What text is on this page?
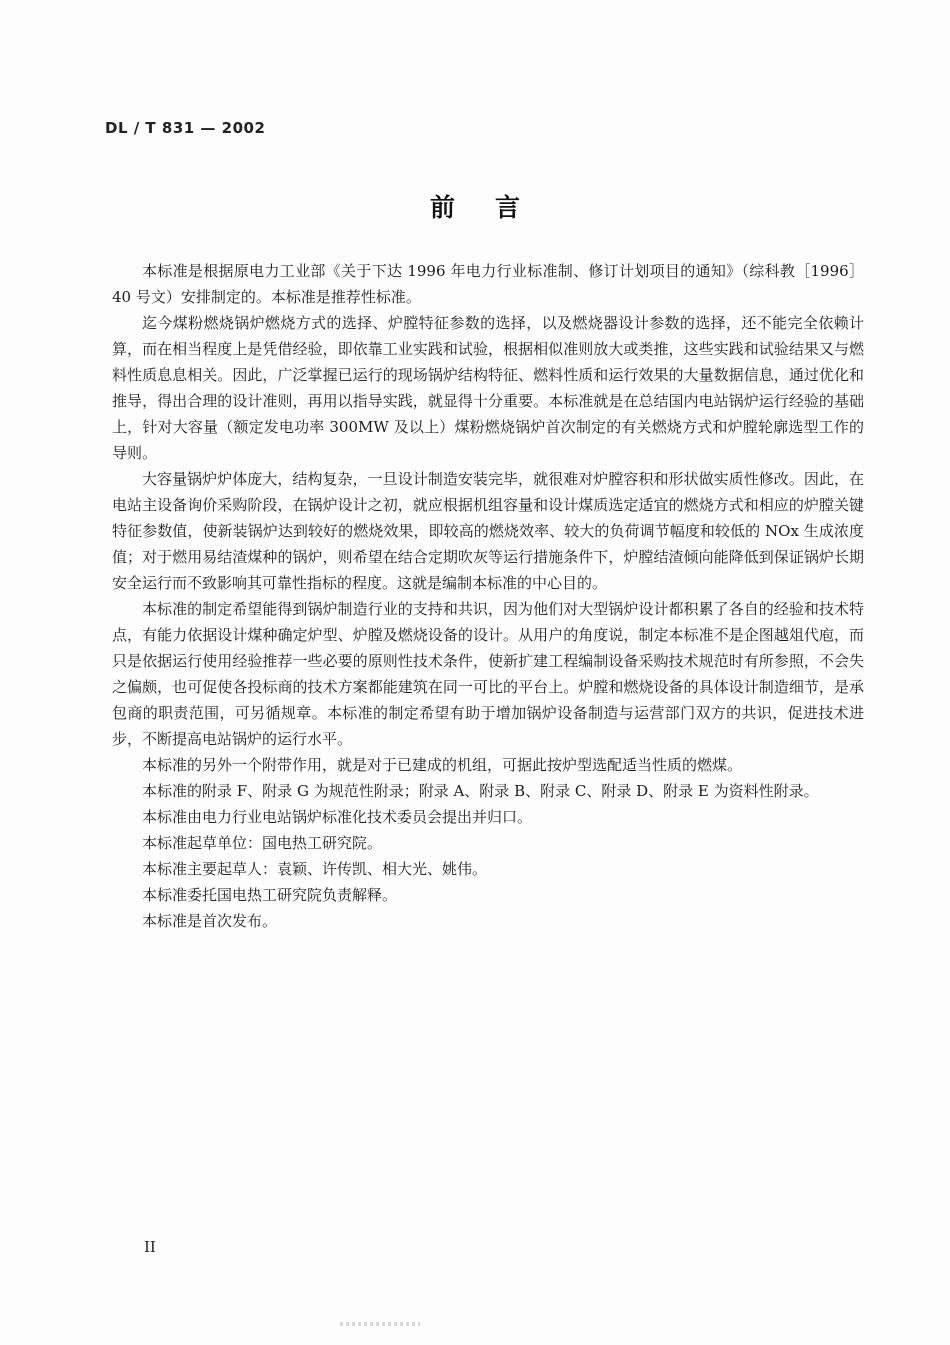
DL / T 831 — 2002
前言

本标准是根据原电力工业部《关于下达 1996 年电力行业标准制、修订计划项目的通知》（综科教［1996］40 号文）安排制定的。本标准是推荐性标准。

迄今煤粉燃烧锅炉燃烧方式的选择、炉膛特征参数的选择，以及燃烧器设计参数的选择，还不能完全依赖计算，而在相当程度上是凭借经验，即依靠工业实践和试验，根据相似准则放大或类推，这些实践和试验结果又与燃料性质息息相关。因此，广泛掌握已运行的现场锅炉结构特征、燃料性质和运行效果的大量数据信息，通过优化和推导，得出合理的设计准则，再用以指导实践，就显得十分重要。本标准就是在总结国内电站锅炉运行经验的基础上，针对大容量（额定发电功率 300MW 及以上）煤粉燃烧锅炉首次制定的有关燃烧方式和炉膛轮廓选型工作的导则。

大容量锅炉炉体庞大，结构复杂，一旦设计制造安装完毕，就很难对炉膛容积和形状做实质性修改。因此，在电站主设备询价采购阶段，在锅炉设计之初，就应根据机组容量和设计煤质选定适宜的燃烧方式和相应的炉膛关键特征参数值，使新装锅炉达到较好的燃烧效果，即较高的燃烧效率、较大的负荷调节幅度和较低的 NOx 生成浓度值；对于燃用易结渣煤种的锅炉，则希望在结合定期吹灰等运行措施条件下，炉膛结渣倾向能降低到保证锅炉长期安全运行而不致影响其可靠性指标的程度。这就是编制本标准的中心目的。

本标准的制定希望能得到锅炉制造行业的支持和共识，因为他们对大型锅炉设计都积累了各自的经验和技术特点，有能力依据设计煤种确定炉型、炉膛及燃烧设备的设计。从用户的角度说，制定本标准不是企图越俎代庖，而只是依据运行使用经验推荐一些必要的原则性技术条件，使新扩建工程编制设备采购技术规范时有所参照，不会失之偏颇，也可促使各投标商的技术方案都能建筑在同一可比的平台上。炉膛和燃烧设备的具体设计制造细节，是承包商的职责范围，可另循规章。本标准的制定希望有助于增加锅炉设备制造与运营部门双方的共识，促进技术进步，不断提高电站锅炉的运行水平。

本标准的另外一个附带作用，就是对于已建成的机组，可据此按炉型选配适当性质的燃煤。

本标准的附录 F、附录 G 为规范性附录；附录 A、附录 B、附录 C、附录 D、附录 E 为资料性附录。

本标准由电力行业电站锅炉标准化技术委员会提出并归口。

本标准起草单位：国电热工研究院。

本标准主要起草人：袁颖、许传凯、相大光、姚伟。

本标准委托国电热工研究院负责解释。

本标准是首次发布。

II
